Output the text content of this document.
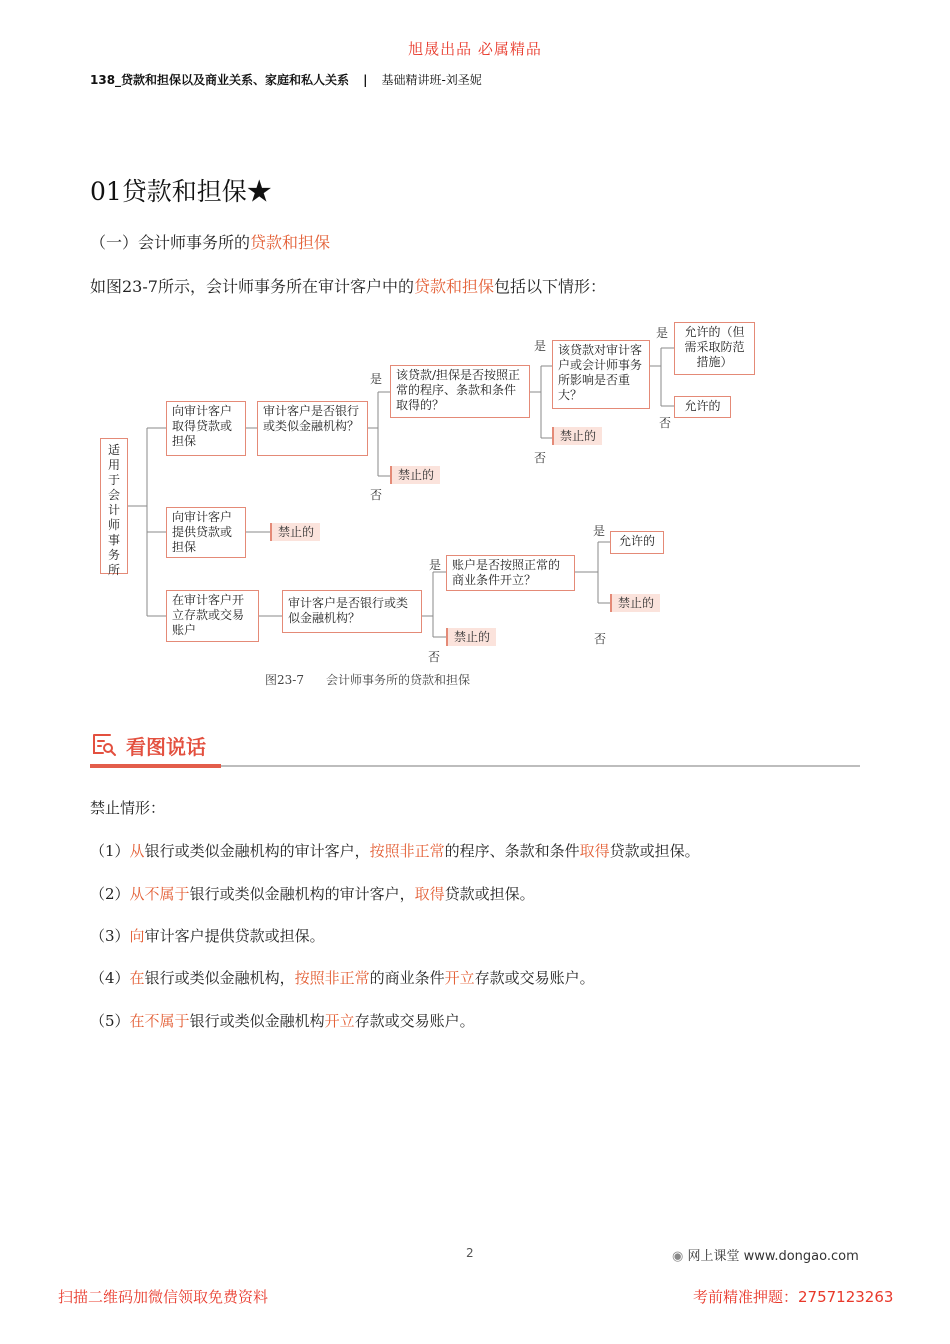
旭晟出品 必属精品
138_贷款和担保以及商业关系、家庭和私人关系 | 基础精讲班-刘圣妮
01贷款和担保★
（一）会计师事务所的贷款和担保
如图23-7所示，会计师事务所在审计客户中的贷款和担保包括以下情形：
适用于会计师事务所
向审计客户取得贷款或担保
审计客户是否银行或类似金融机构？
该贷款/担保是否按照正常的程序、条款和条件取得的？
该贷款对审计客户或会计师事务所影响是否重大？
允许的（但需采取防范措施）
允许的
禁止的
禁止的
是
否
是
否
是
否
向审计客户提供贷款或担保
禁止的
在审计客户开立存款或交易账户
审计客户是否银行或类似金融机构？
账户是否按照正常的商业条件开立？
允许的
禁止的
禁止的
是
否
是
否
图23-7 会计师事务所的贷款和担保
看图说话
禁止情形：
（1）从银行或类似金融机构的审计客户，按照非正常的程序、条款和条件取得贷款或担保。
（2）从不属于银行或类似金融机构的审计客户，取得贷款或担保。
（3）向审计客户提供贷款或担保。
（4）在银行或类似金融机构，按照非正常的商业条件开立存款或交易账户。
（5）在不属于银行或类似金融机构开立存款或交易账户。
2	◉ 网上课堂 www.dongao.com
扫描二维码加微信领取免费资料	考前精准押题：2757123263
